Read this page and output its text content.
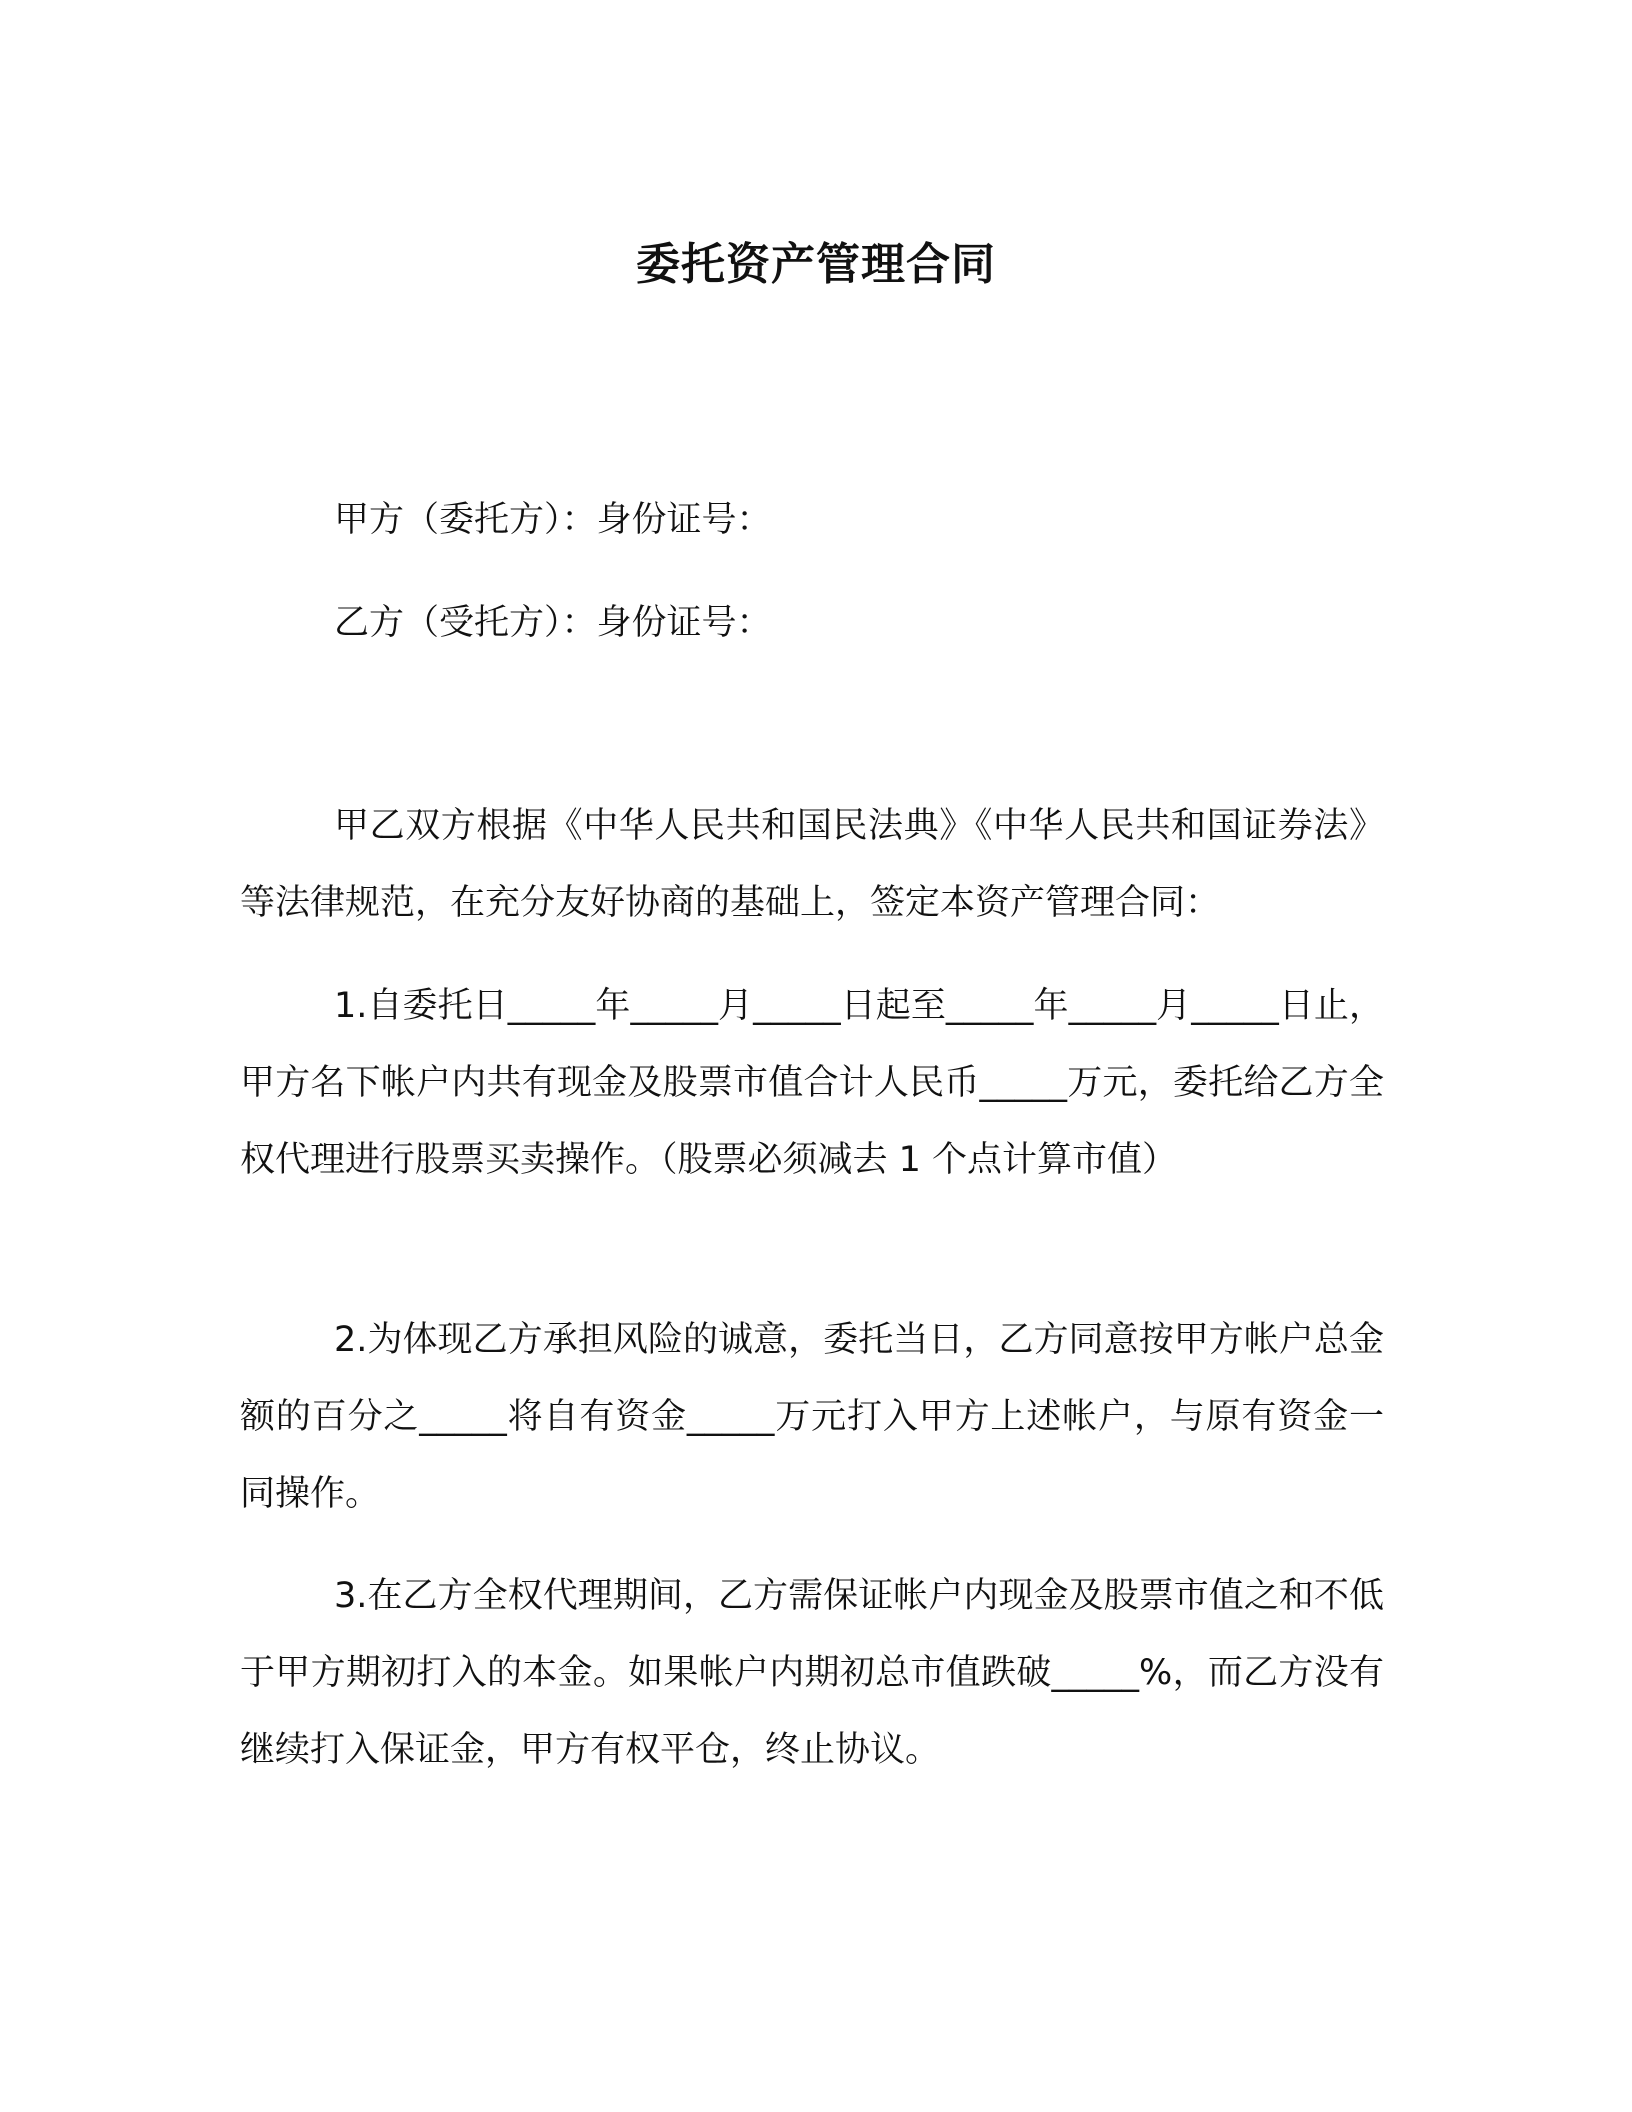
委托资产管理合同
甲方（委托方）：身份证号：
乙方（受托方）：身份证号：
甲乙双方根据《中华人民共和国民法典》《中华人民共和国证券法》等法律规范，在充分友好协商的基础上，签定本资产管理合同：
1.自委托日_____年_____月_____日起至_____年_____月_____日止，甲方名下帐户内共有现金及股票市值合计人民币_____万元，委托给乙方全权代理进行股票买卖操作。（股票必须减去 1 个点计算市值）
2.为体现乙方承担风险的诚意，委托当日，乙方同意按甲方帐户总金额的百分之_____将自有资金_____万元打入甲方上述帐户，与原有资金一同操作。
3.在乙方全权代理期间，乙方需保证帐户内现金及股票市值之和不低于甲方期初打入的本金。如果帐户内期初总市值跌破_____%，而乙方没有继续打入保证金，甲方有权平仓，终止协议。
